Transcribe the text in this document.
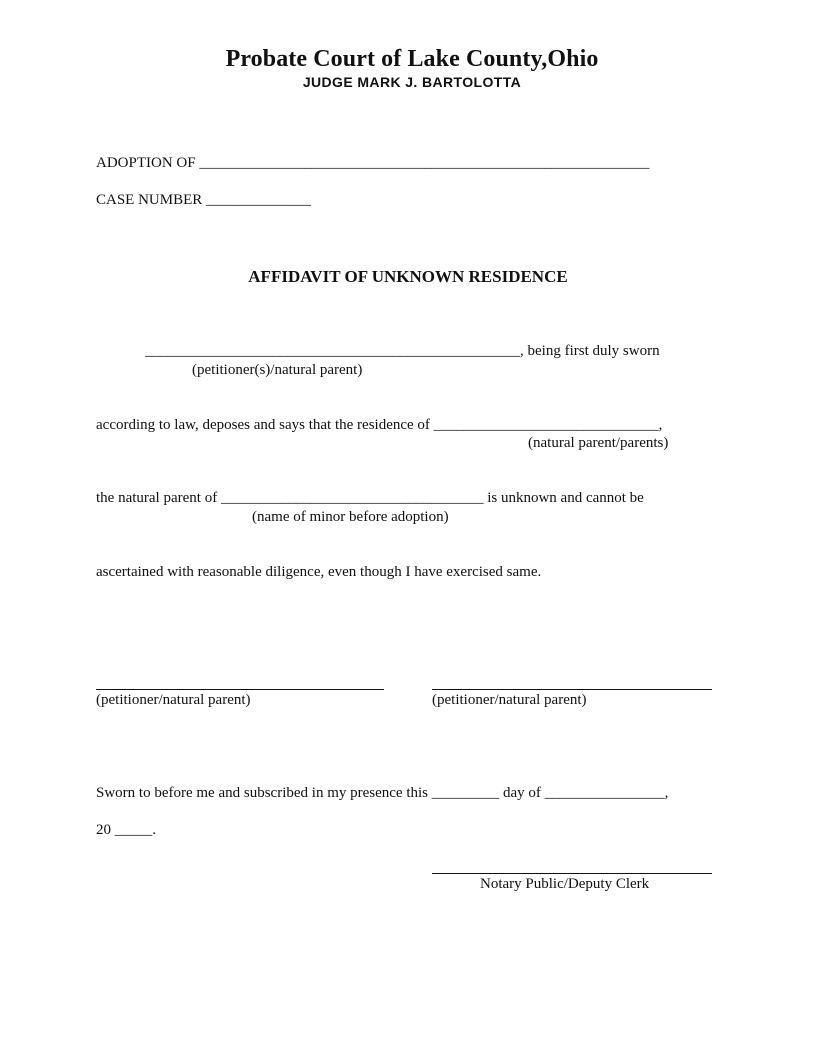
Probate Court of Lake County,Ohio
JUDGE MARK J. BARTOLOTTA
ADOPTION OF ____________________________________________________________
CASE NUMBER ______________
AFFIDAVIT OF UNKNOWN RESIDENCE
__________________________________________________, being first duly sworn
(petitioner(s)/natural parent)
according to law, deposes and says that the residence of ______________________________,
(natural parent/parents)
the natural parent of ___________________________________ is unknown and cannot be
(name of minor before adoption)
ascertained with reasonable diligence, even though I have exercised same.
(petitioner/natural parent)	(petitioner/natural parent)
Sworn to before me and subscribed in my presence this _________ day of ________________,
20 _____.
Notary Public/Deputy Clerk
